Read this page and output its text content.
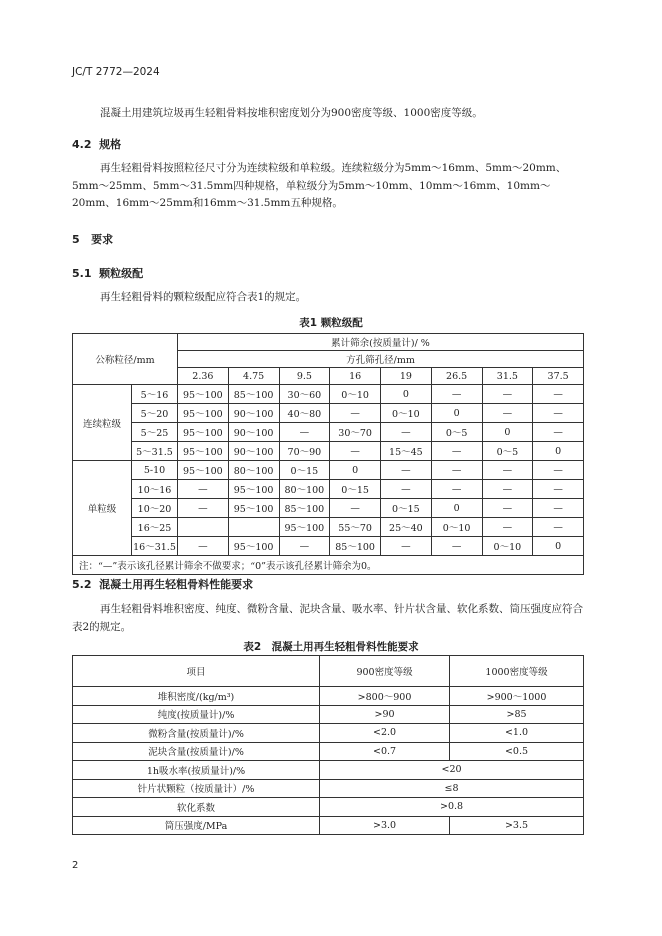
JC/T 2772—2024
混凝土用建筑垃圾再生轻粗骨料按堆积密度划分为900密度等级、1000密度等级。
4.2 规格
再生轻粗骨料按照粒径尺寸分为连续粒级和单粒级。连续粒级分为5mm～16mm、5mm～20mm、5mm～25mm、5mm～31.5mm四种规格，单粒级分为5mm～10mm、10mm～16mm、10mm～20mm、16mm～25mm和16mm～31.5mm五种规格。
5 要求
5.1 颗粒级配
再生轻粗骨料的颗粒级配应符合表1的规定。
表1 颗粒级配
公称粒径/mm		累计筛余(按质量计)/ %							
		方孔筛孔径/mm							
		2.36	4.75	9.5	16	19	26.5	31.5	37.5
连续粒级	5～16	95～100	85～100	30～60	0～10	0	—	—	—
	5～20	95～100	90～100	40～80	—	0～10	0	—	—
	5～25	95～100	90～100	—	30～70	—	0～5	0	—
	5～31.5	95～100	90～100	70～90	—	15～45	—	0～5	0
单粒级	5-10	95～100	80～100	0～15	0	—	—	—	—
	10～16	—	95～100	80～100	0～15	—	—	—	—
	10～20	—	95～100	85～100	—	0～15	0	—	—
	16～25			95～100	55～70	25～40	0～10	—	—
	16～31.5	—	95～100	—	85～100	—	—	0～10	0
注：“—”表示该孔径累计筛余不做要求；“0”表示该孔径累计筛余为0。									
5.2 混凝土用再生轻粗骨料性能要求
再生轻粗骨料堆积密度、纯度、微粉含量、泥块含量、吸水率、针片状含量、软化系数、筒压强度应符合表2的规定。
表2　混凝土用再生轻粗骨料性能要求
项目	900密度等级	1000密度等级
堆积密度/(kg/m³)	>800～900	>900～1000
纯度(按质量计)/%	>90	>85
微粉含量(按质量计)/%	<2.0	<1.0
泥块含量(按质量计)/%	<0.7	<0.5
1h吸水率(按质量计)/%	<20	
针片状颗粒（按质量计）/%	≤8	
软化系数	>0.8	
筒压强度/MPa	>3.0	>3.5
2
